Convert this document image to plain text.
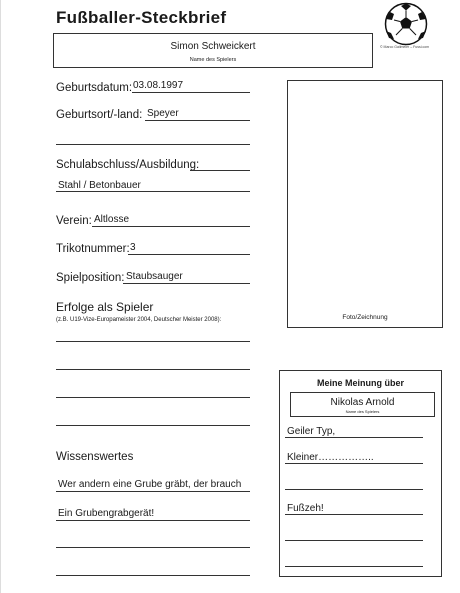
Fußballer-Steckbrief
Simon Schweickert
Name des Spielers
© Marco Gailmeier – Fussi.com
Geburtsdatum: 03.08.1997
Geburtsort/-land: Speyer
Schulabschluss/Ausbildung:
Stahl / Betonbauer
Verein: Altlosse
Trikotnummer: 3
Spielposition: Staubsauger
Erfolge als Spieler
(z.B. U19-Vize-Europameister 2004, Deutscher Meister 2008):
Wissenswertes
Wer andern eine Grube gräbt, der brauch
Ein Grubengrabgerät!
Foto/Zeichnung
Meine Meinung über
Nikolas Arnold
Name des Spielers
Geiler Typ,
Kleiner……………..
Fußzeh!
